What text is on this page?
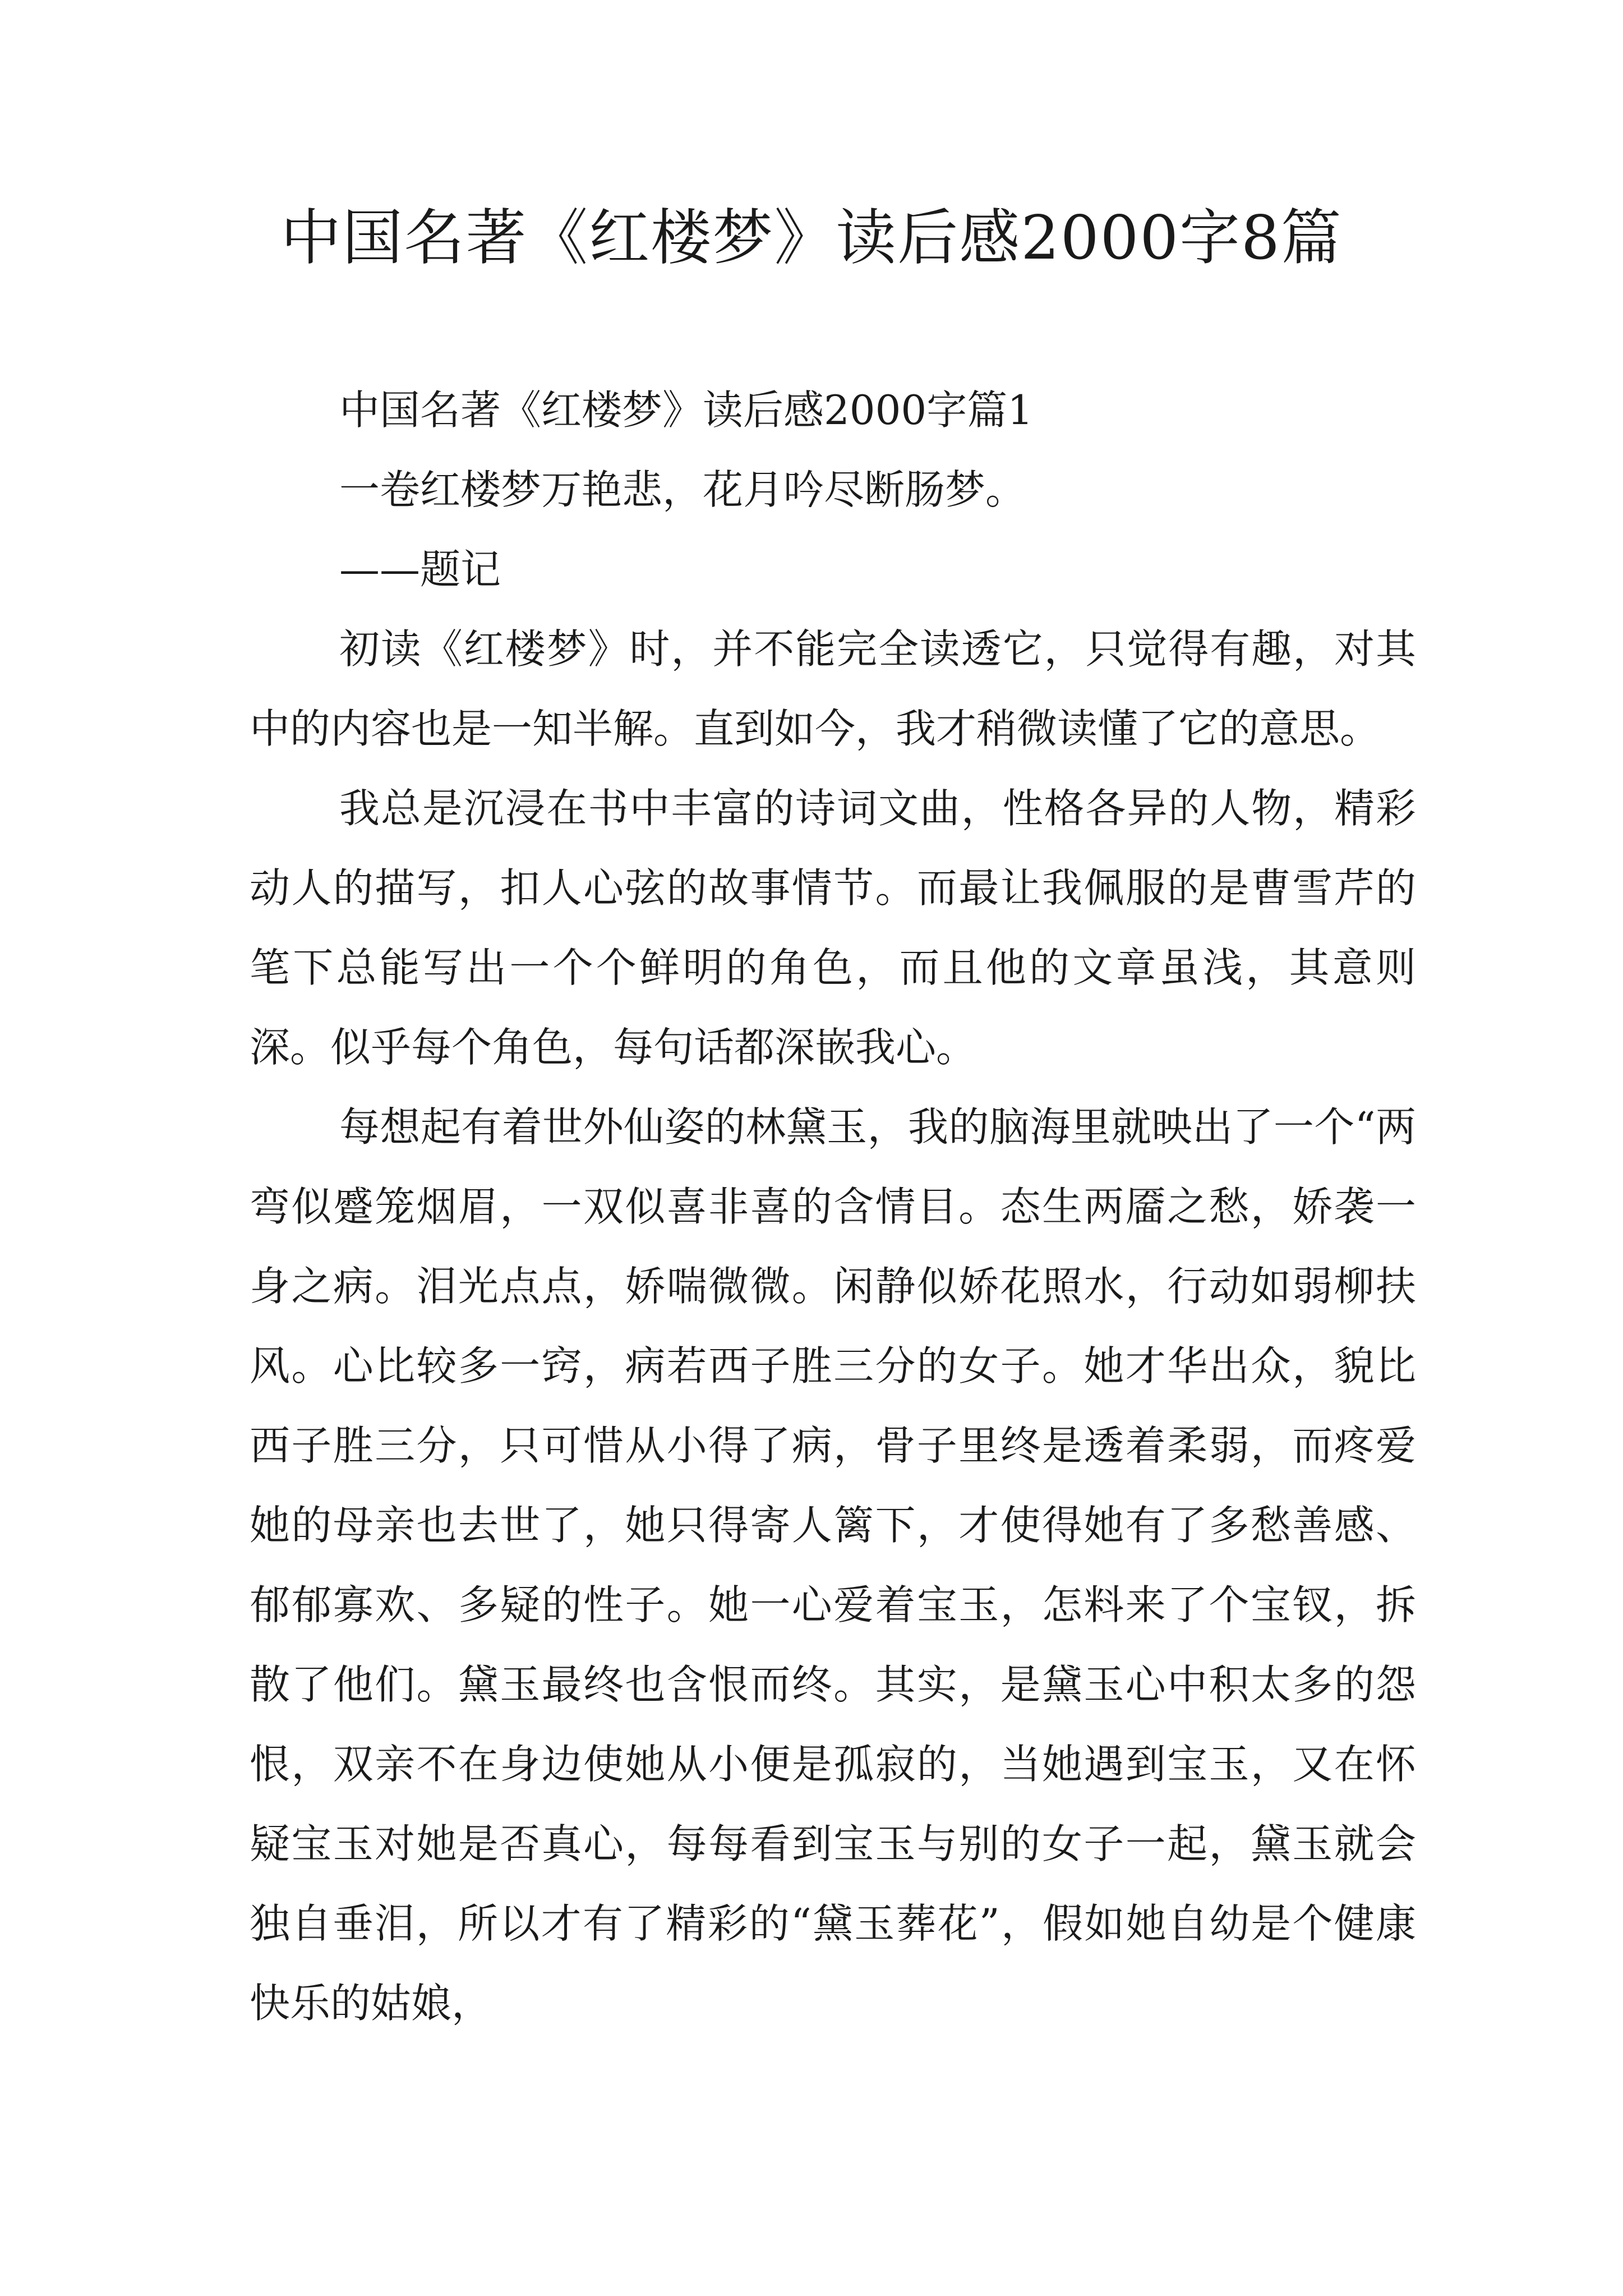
中国名著《红楼梦》读后感2000字8篇

中国名著《红楼梦》读后感2000字篇1

一卷红楼梦万艳悲，花月吟尽断肠梦。

——题记

初读《红楼梦》时，并不能完全读透它，只觉得有趣，对其中的内容也是一知半解。直到如今，我才稍微读懂了它的意思。

我总是沉浸在书中丰富的诗词文曲，性格各异的人物，精彩动人的描写，扣人心弦的故事情节。而最让我佩服的是曹雪芹的笔下总能写出一个个鲜明的角色，而且他的文章虽浅，其意则深。似乎每个角色，每句话都深嵌我心。

每想起有着世外仙姿的林黛玉，我的脑海里就映出了一个“两弯似蹙笼烟眉，一双似喜非喜的含情目。态生两靥之愁，娇袭一身之病。泪光点点，娇喘微微。闲静似娇花照水，行动如弱柳扶风。心比较多一窍，病若西子胜三分的女子。她才华出众，貌比西子胜三分，只可惜从小得了病，骨子里终是透着柔弱，而疼爱她的母亲也去世了，她只得寄人篱下，才使得她有了多愁善感、郁郁寡欢、多疑的性子。她一心爱着宝玉，怎料来了个宝钗，拆散了他们。黛玉最终也含恨而终。其实，是黛玉心中积太多的怨恨，双亲不在身边使她从小便是孤寂的，当她遇到宝玉，又在怀疑宝玉对她是否真心，每每看到宝玉与别的女子一起，黛玉就会独自垂泪，所以才有了精彩的“黛玉葬花”，假如她自幼是个健康快乐的姑娘，
